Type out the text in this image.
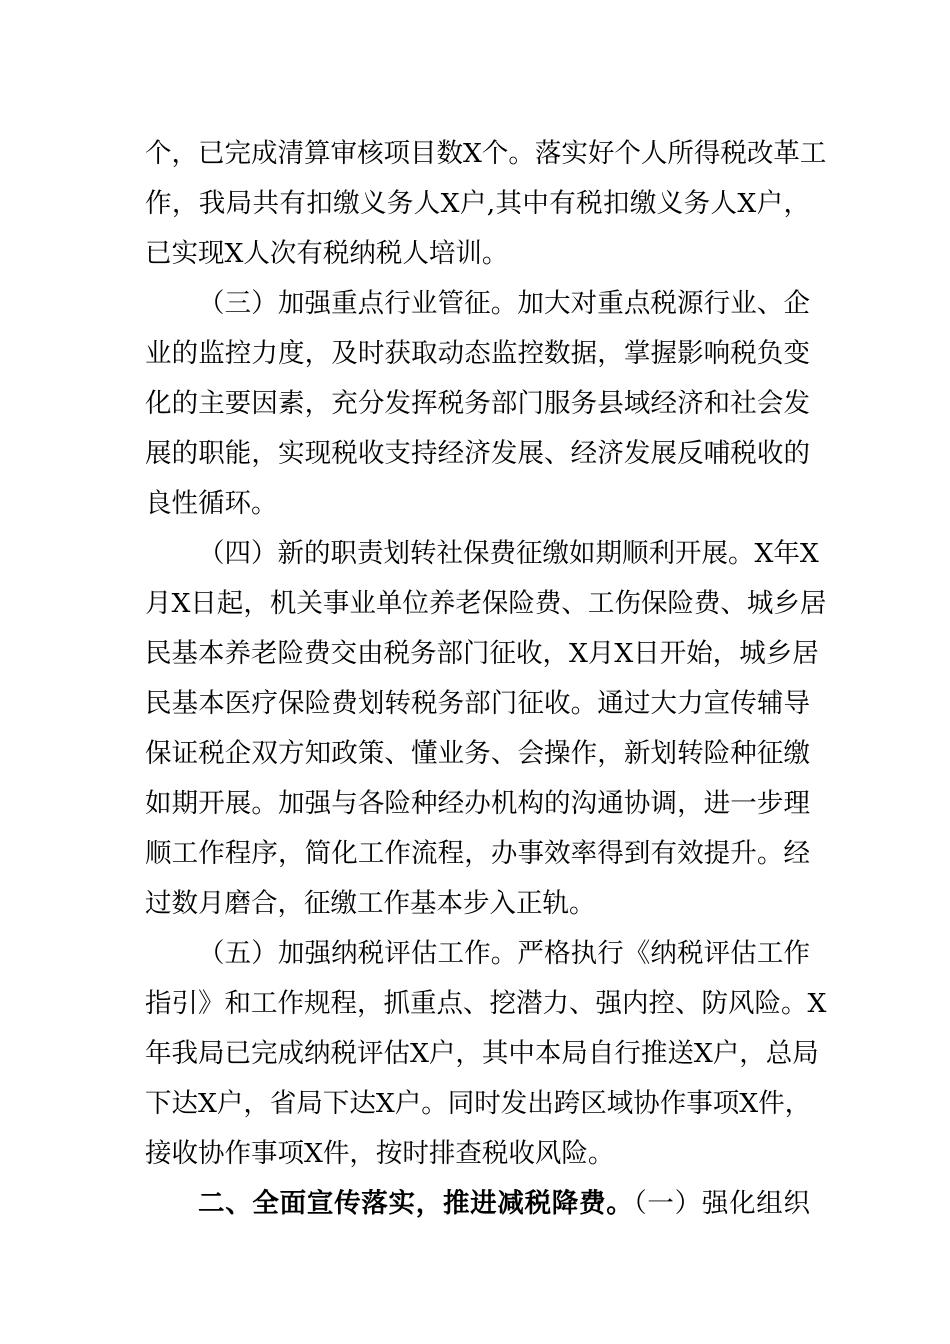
个，已完成清算审核项目数X个。落实好个人所得税改革工
作，我局共有扣缴义务人X户,其中有税扣缴义务人X户，
已实现X人次有税纳税人培训。
（三）加强重点行业管征。加大对重点税源行业、企
业的监控力度，及时获取动态监控数据，掌握影响税负变
化的主要因素，充分发挥税务部门服务县域经济和社会发
展的职能，实现税收支持经济发展、经济发展反哺税收的
良性循环。
（四）新的职责划转社保费征缴如期顺利开展。X年X
月X日起，机关事业单位养老保险费、工伤保险费、城乡居
民基本养老险费交由税务部门征收，X月X日开始，城乡居
民基本医疗保险费划转税务部门征收。通过大力宣传辅导
保证税企双方知政策、懂业务、会操作，新划转险种征缴
如期开展。加强与各险种经办机构的沟通协调，进一步理
顺工作程序，简化工作流程，办事效率得到有效提升。经
过数月磨合，征缴工作基本步入正轨。
（五）加强纳税评估工作。严格执行《纳税评估工作
指引》和工作规程，抓重点、挖潜力、强内控、防风险。X
年我局已完成纳税评估X户，其中本局自行推送X户，总局
下达X户，省局下达X户。同时发出跨区域协作事项X件，
接收协作事项X件，按时排查税收风险。
二、全面宣传落实，推进减税降费。（一）强化组织
